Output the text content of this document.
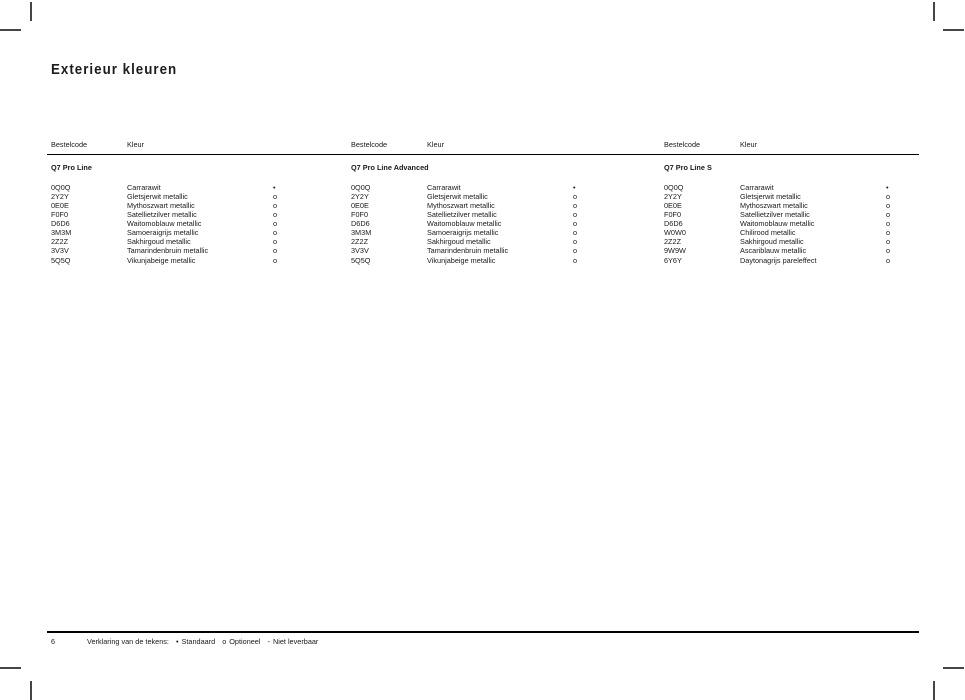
Exterieur kleuren
Bestelcode	Kleur
Q7 Pro Line
0Q0Q	Carrarawit	•
2Y2Y	Gletsjerwit metallic	o
0E0E	Mythoszwart metallic	o
F0F0	Satellietzilver metallic	o
D6D6	Waitomoblauw metallic	o
3M3M	Samoeraigrijs metallic	o
2Z2Z	Sakhirgoud metallic	o
3V3V	Tamarindenbruin metallic	o
5Q5Q	Vikunjabeige metallic	o
Bestelcode	Kleur
Q7 Pro Line Advanced
0Q0Q	Carrarawit	•
2Y2Y	Gletsjerwit metallic	o
0E0E	Mythoszwart metallic	o
F0F0	Satellietzilver metallic	o
D6D6	Waitomoblauw metallic	o
3M3M	Samoeraigrijs metallic	o
2Z2Z	Sakhirgoud metallic	o
3V3V	Tamarindenbruin metallic	o
5Q5Q	Vikunjabeige metallic	o
Bestelcode	Kleur
Q7 Pro Line S
0Q0Q	Carrarawit	•
2Y2Y	Gletsjerwit metallic	o
0E0E	Mythoszwart metallic	o
F0F0	Satellietzilver metallic	o
D6D6	Waitomoblauw metallic	o
W0W0	Chilirood metallic	o
2Z2Z	Sakhirgoud metallic	o
9W9W	Ascariblauw metallic	o
6Y6Y	Daytonagrijs pareleffect	o
6	Verklaring van de tekens: • Standaard o Optioneel - Niet leverbaar
